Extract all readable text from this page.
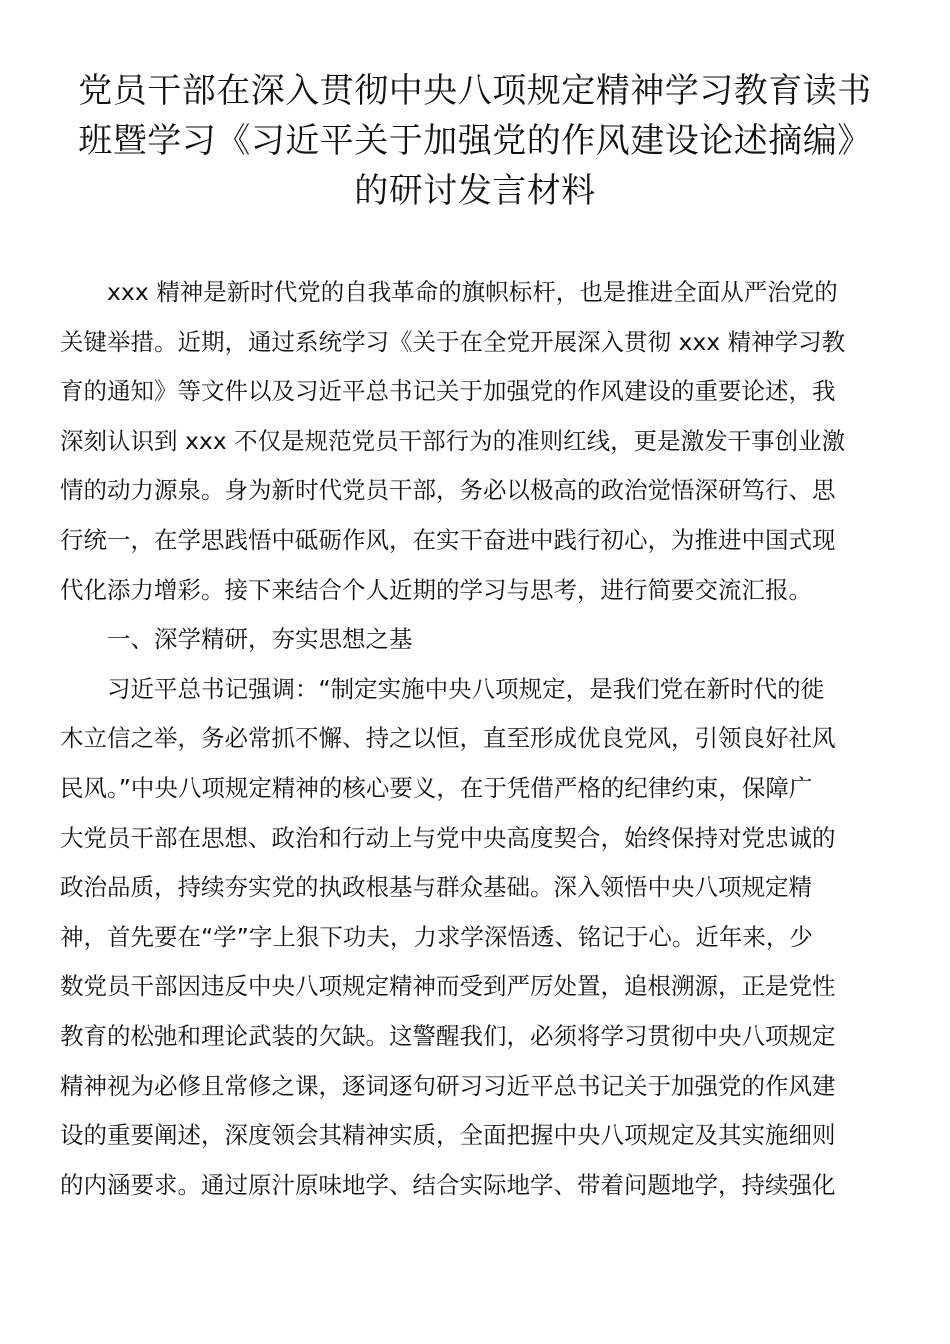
党员干部在深入贯彻中央八项规定精神学习教育读书
班暨学习《习近平关于加强党的作风建设论述摘编》
的研讨发言材料
xxx 精神是新时代党的自我革命的旗帜标杆，也是推进全面从严治党的
关键举措。近期，通过系统学习《关于在全党开展深入贯彻 xxx 精神学习教
育的通知》等文件以及习近平总书记关于加强党的作风建设的重要论述，我
深刻认识到 xxx 不仅是规范党员干部行为的准则红线，更是激发干事创业激
情的动力源泉。身为新时代党员干部，务必以极高的政治觉悟深研笃行、思
行统一，在学思践悟中砥砺作风，在实干奋进中践行初心，为推进中国式现
代化添力增彩。接下来结合个人近期的学习与思考，进行简要交流汇报。
一、深学精研，夯实思想之基
习近平总书记强调：“制定实施中央八项规定，是我们党在新时代的徙
木立信之举，务必常抓不懈、持之以恒，直至形成优良党风，引领良好社风
民风。”中央八项规定精神的核心要义，在于凭借严格的纪律约束，保障广
大党员干部在思想、政治和行动上与党中央高度契合，始终保持对党忠诚的
政治品质，持续夯实党的执政根基与群众基础。深入领悟中央八项规定精
神，首先要在“学”字上狠下功夫，力求学深悟透、铭记于心。近年来，少
数党员干部因违反中央八项规定精神而受到严厉处置，追根溯源，正是党性
教育的松弛和理论武装的欠缺。这警醒我们，必须将学习贯彻中央八项规定
精神视为必修且常修之课，逐词逐句研习习近平总书记关于加强党的作风建
设的重要阐述，深度领会其精神实质，全面把握中央八项规定及其实施细则
的内涵要求。通过原汁原味地学、结合实际地学、带着问题地学，持续强化
